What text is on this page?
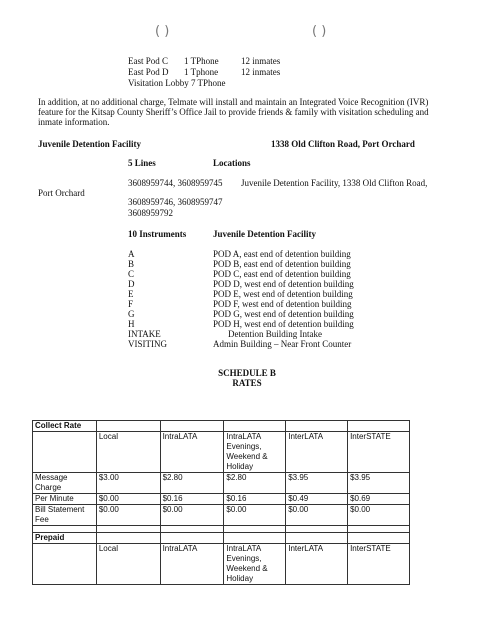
( )	( )
East Pod C 1 TPhone 12 inmates
East Pod D 1 Tphone	12 inmates
Visitation Lobby 7 TPhone
In addition, at no additional charge, Telmate will install and maintain an Integrated Voice Recognition (IVR)
feature for the Kitsap County Sheriff’s Office Jail to provide friends & family with visitation scheduling and
inmate information.
Juvenile Detention Facility	1338 Old Clifton Road, Port Orchard
5 Lines	Locations
3608959744, 3608959745 Juvenile Detention Facility, 1338 Old Clifton Road,
Port Orchard
3608959746, 3608959747
3608959792
10 Instruments	Juvenile Detention Facility
A	POD A, east end of detention building
B	POD B, east end of detention building
C	POD C, east end of detention building
D	POD D, west end of detention building
E	POD E, west end of detention building
F	POD F, west end of detention building
G	POD G, west end of detention building
H	POD H, west end of detention building
INTAKE	Detention Building Intake
VISITING	Admin Building – Near Front Counter
SCHEDULE B
RATES
Collect Rate					
	Local	IntraLATA	IntraLATA Evenings, Weekend & Holiday	InterLATA	InterSTATE
Message Charge	$3.00	$2.80	$2.80	$3.95	$3.95
Per Minute	$0.00	$0.16	$0.16	$0.49	$0.69
Bill Statement Fee	$0.00	$0.00	$0.00	$0.00	$0.00

Prepaid					
	Local	IntraLATA	IntraLATA Evenings, Weekend & Holiday	InterLATA	InterSTATE
